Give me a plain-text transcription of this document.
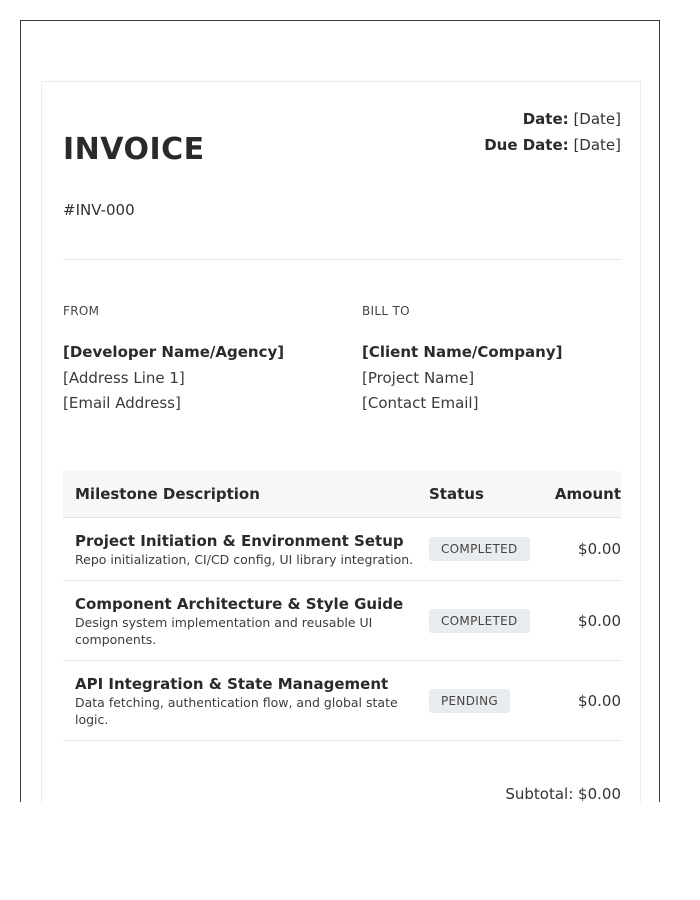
INVOICE
#INV-000
Date: [Date]
Due Date: [Date]
FROM
[Developer Name/Agency]
[Address Line 1]
[Email Address]
BILL TO
[Client Name/Company]
[Project Name]
[Contact Email]
Milestone Description	Status	Amount

Project Initiation & Environment Setup
Repo initialization, CI/CD config, UI library integration.	COMPLETED	$0.00

Component Architecture & Style Guide
Design system implementation and reusable UI components.	COMPLETED	$0.00

API Integration & State Management
Data fetching, authentication flow, and global state logic.	PENDING	$0.00
Subtotal: $0.00
